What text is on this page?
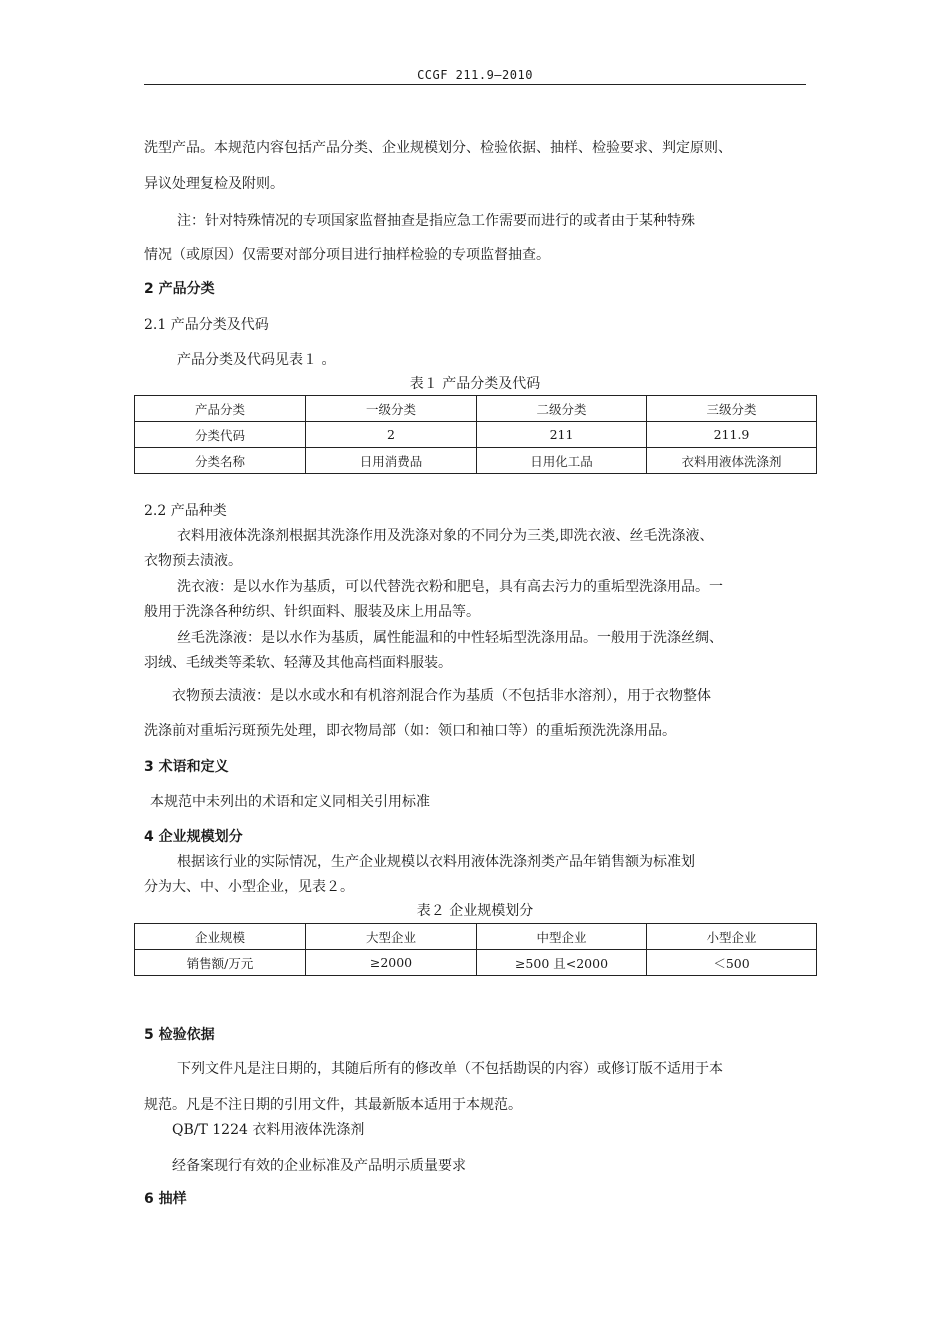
CCGF 211.9—2010
洗型产品。本规范内容包括产品分类、企业规模划分、检验依据、抽样、检验要求、判定原则、
异议处理复检及附则。
注：针对特殊情况的专项国家监督抽查是指应急工作需要而进行的或者由于某种特殊
情况（或原因）仅需要对部分项目进行抽样检验的专项监督抽查。
2 产品分类
2.1 产品分类及代码
产品分类及代码见表１ 。
表１ 产品分类及代码
产品分类	一级分类	二级分类	三级分类
分类代码	2	211	211.9
分类名称	日用消费品	日用化工品	衣料用液体洗涤剂
2.2 产品种类
衣料用液体洗涤剂根据其洗涤作用及洗涤对象的不同分为三类,即洗衣液、丝毛洗涤液、
衣物预去渍液。
洗衣液：是以水作为基质，可以代替洗衣粉和肥皂，具有高去污力的重垢型洗涤用品。一
般用于洗涤各种纺织、针织面料、服装及床上用品等。
丝毛洗涤液：是以水作为基质，属性能温和的中性轻垢型洗涤用品。一般用于洗涤丝绸、
羽绒、毛绒类等柔软、轻薄及其他高档面料服装。
衣物预去渍液：是以水或水和有机溶剂混合作为基质（不包括非水溶剂），用于衣物整体
洗涤前对重垢污斑预先处理，即衣物局部（如：领口和袖口等）的重垢预洗洗涤用品。
3 术语和定义
本规范中未列出的术语和定义同相关引用标准
4 企业规模划分
根据该行业的实际情况，生产企业规模以衣料用液体洗涤剂类产品年销售额为标准划
分为大、中、小型企业，见表２。
表２ 企业规模划分
企业规模	大型企业	中型企业	小型企业
销售额/万元	≥2000	≥500 且<2000	＜500
5 检验依据
下列文件凡是注日期的，其随后所有的修改单（不包括勘误的内容）或修订版不适用于本
规范。凡是不注日期的引用文件，其最新版本适用于本规范。
QB/T 1224 衣料用液体洗涤剂
经备案现行有效的企业标准及产品明示质量要求
6 抽样
